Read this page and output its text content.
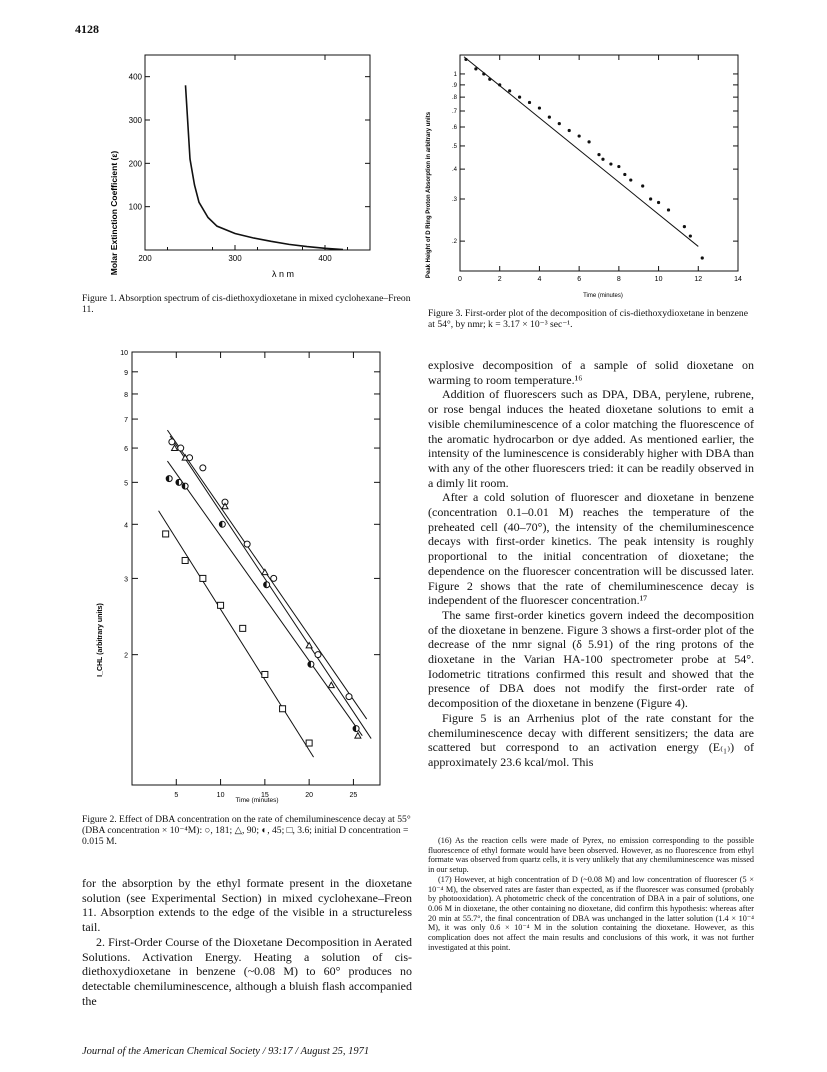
4128
100
200
300
400
200	300	400
Molar Extinction Coefficient (ε)	λ n m
Figure 1. Absorption spectrum of cis-diethoxydioxetane in mixed cyclohexane–Freon 11.
1
.9
.8
.7
.6
.5
.4
.3
.2
0	2	4	6	8	10	12	14
Peak Height of D Ring Proton Absorption in arbitrary units
Time (minutes)
Figure 3. First-order plot of the decomposition of cis-diethoxydioxetane in benzene at 54°, by nmr; k = 3.17 × 10⁻³ sec⁻¹.
10
9
8
7
6
5
4
3
2
5	10	15	20	25
I_CHL (arbitrary units)
Time (minutes)
Figure 2. Effect of DBA concentration on the rate of chemiluminescence decay at 55° (DBA concentration × 10⁻⁴M): ○, 181; △, 90; ◐, 45; □, 3.6; initial D concentration = 0.015 M.

for the absorption by the ethyl formate present in the dioxetane solution (see Experimental Section) in mixed cyclohexane–Freon 11. Absorption extends to the edge of the visible in a structureless tail.

2. First-Order Course of the Dioxetane Decomposition in Aerated Solutions. Activation Energy. Heating a solution of cis-diethoxydioxetane in benzene (~0.08 M) to 60° produces no detectable chemiluminescence, although a bluish flash accompanied the

explosive decomposition of a sample of solid dioxetane on warming to room temperature.¹⁶

Addition of fluorescers such as DPA, DBA, perylene, rubrene, or rose bengal induces the heated dioxetane solutions to emit a visible chemiluminescence of a color matching the fluorescence of the aromatic hydrocarbon or dye added. As mentioned earlier, the intensity of the luminescence is considerably higher with DBA than with any of the other fluorescers tried: it can be readily observed in a dimly lit room.

After a cold solution of fluorescer and dioxetane in benzene (concentration 0.1–0.01 M) reaches the temperature of the preheated cell (40–70°), the intensity of the chemiluminescence decays with first-order kinetics. The peak intensity is roughly proportional to the initial concentration of dioxetane; the dependence on the fluorescer concentration will be discussed later. Figure 2 shows that the rate of chemiluminescence decay is independent of the fluorescer concentration.¹⁷

The same first-order kinetics govern indeed the decomposition of the dioxetane in benzene. Figure 3 shows a first-order plot of the decrease of the nmr signal (δ 5.91) of the ring protons of the dioxetane in the Varian HA-100 spectrometer probe at 54°. Iodometric titrations confirmed this result and showed that the presence of DBA does not modify the first-order rate of decomposition of the dioxetane in benzene (Figure 4).

Figure 5 is an Arrhenius plot of the rate constant for the chemiluminescence decay with different sensitizers; the data are scattered but correspond to an activation energy (E₍₁₎) of approximately 23.6 kcal/mol. This

(16) As the reaction cells were made of Pyrex, no emission corresponding to the possible fluorescence of ethyl formate would have been observed. However, as no fluorescence from ethyl formate was observed from quartz cells, it is very unlikely that any chemiluminescence was missed in our setup.

(17) However, at high concentration of D (~0.08 M) and low concentration of fluorescer (5 × 10⁻⁴ M), the observed rates are faster than expected, as if the fluorescer was consumed (probably by photooxidation). A photometric check of the concentration of DBA in a pair of solutions, one 0.06 M in dioxetane, the other containing no dioxetane, did confirm this hypothesis: whereas after 20 min at 55.7°, the final concentration of DBA was unchanged in the latter solution (1.4 × 10⁻⁴ M), it was only 0.6 × 10⁻⁴ M in the solution containing the dioxetane. However, as this complication does not affect the main results and conclusions of this work, it was not further investigated at this point.

Journal of the American Chemical Society / 93:17 / August 25, 1971
